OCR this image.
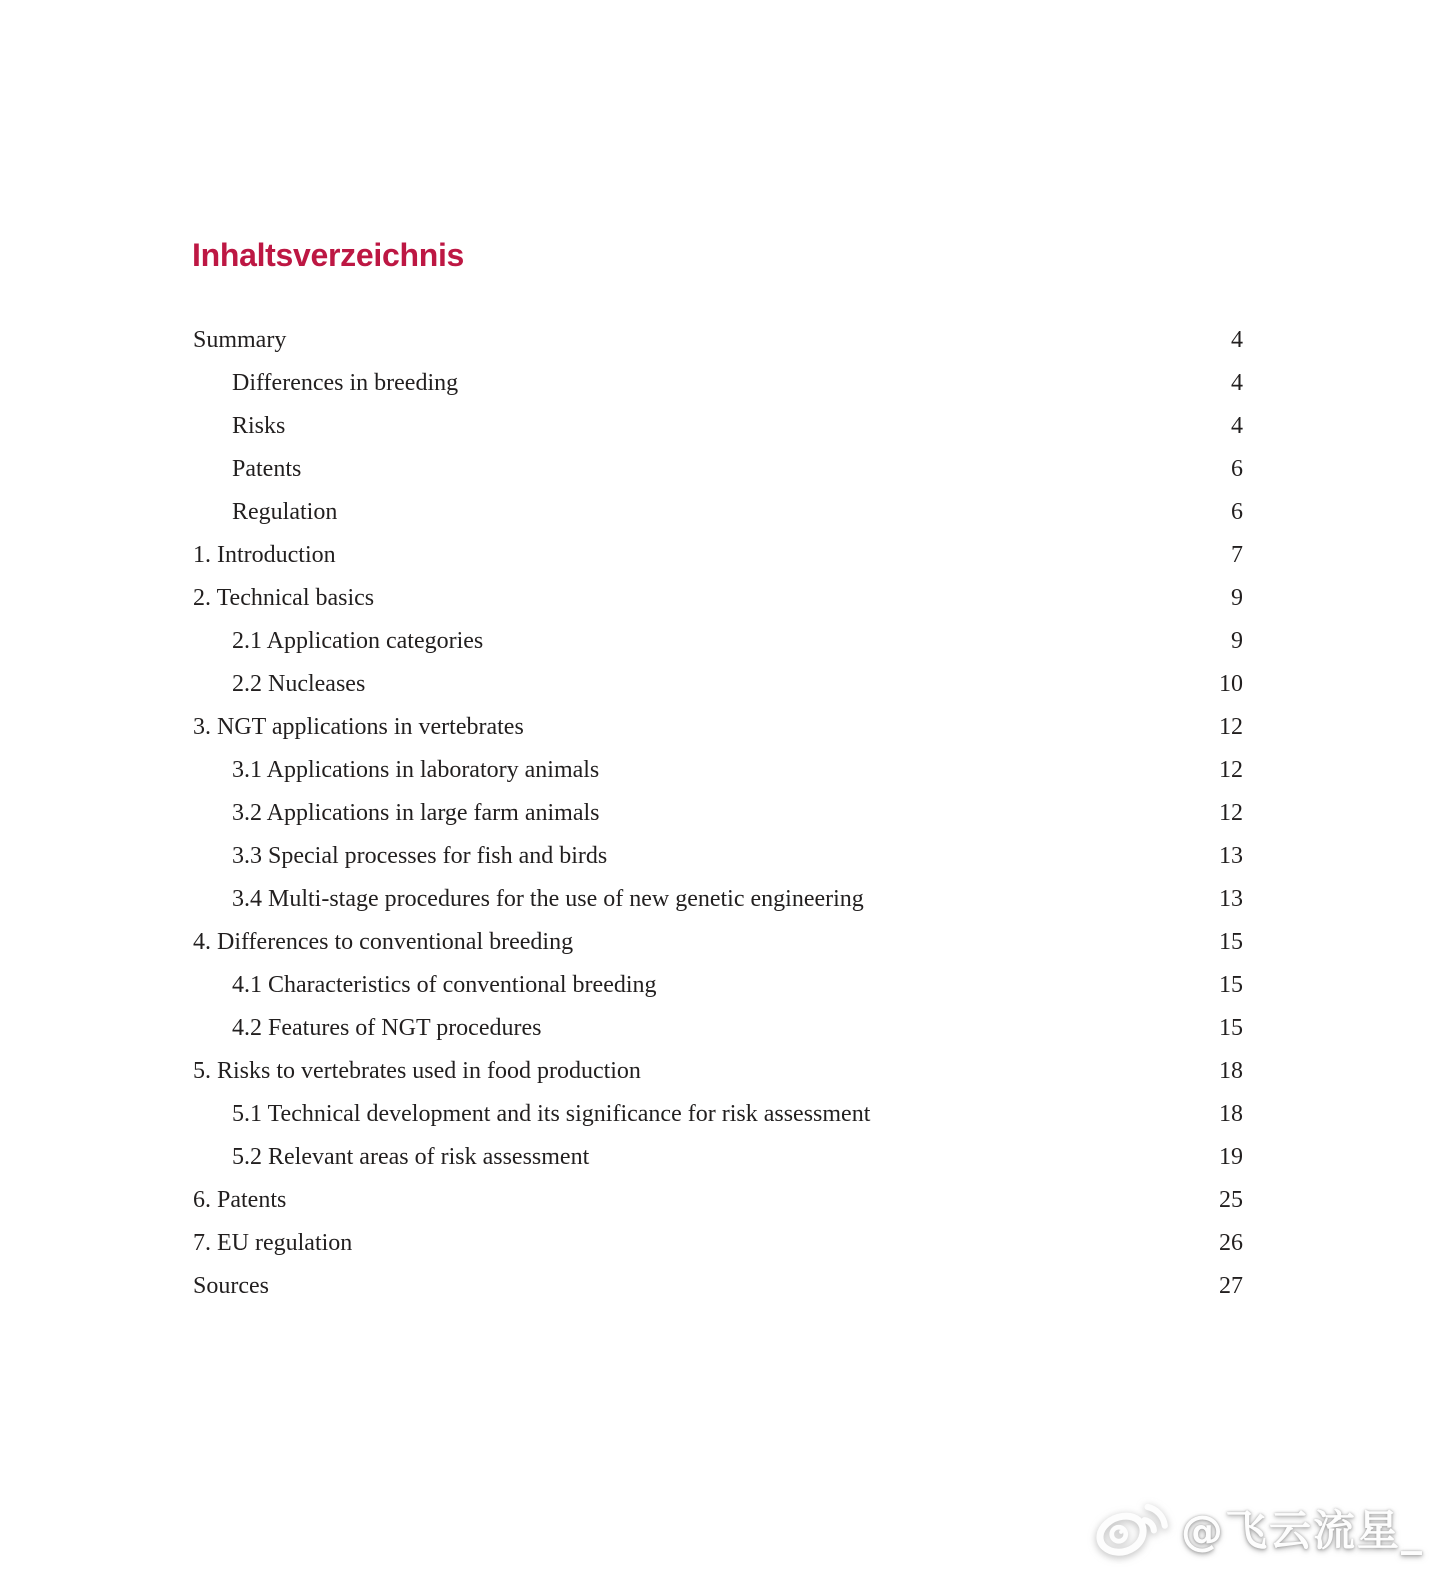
Inhaltsverzeichnis
Summary	4
Differences in breeding	4
Risks	4
Patents	6
Regulation	6
1. Introduction	7
2. Technical basics	9
2.1 Application categories	9
2.2 Nucleases	10
3. NGT applications in vertebrates	12
3.1 Applications in laboratory animals	12
3.2 Applications in large farm animals	12
3.3 Special processes for fish and birds	13
3.4 Multi-stage procedures for the use of new genetic engineering	13
4. Differences to conventional breeding	15
4.1 Characteristics of conventional breeding	15
4.2 Features of NGT procedures	15
5. Risks to vertebrates used in food production	18
5.1 Technical development and its significance for risk assessment	18
5.2 Relevant areas of risk assessment	19
6. Patents	25
7. EU regulation	26
Sources	27
@飞云流星_
